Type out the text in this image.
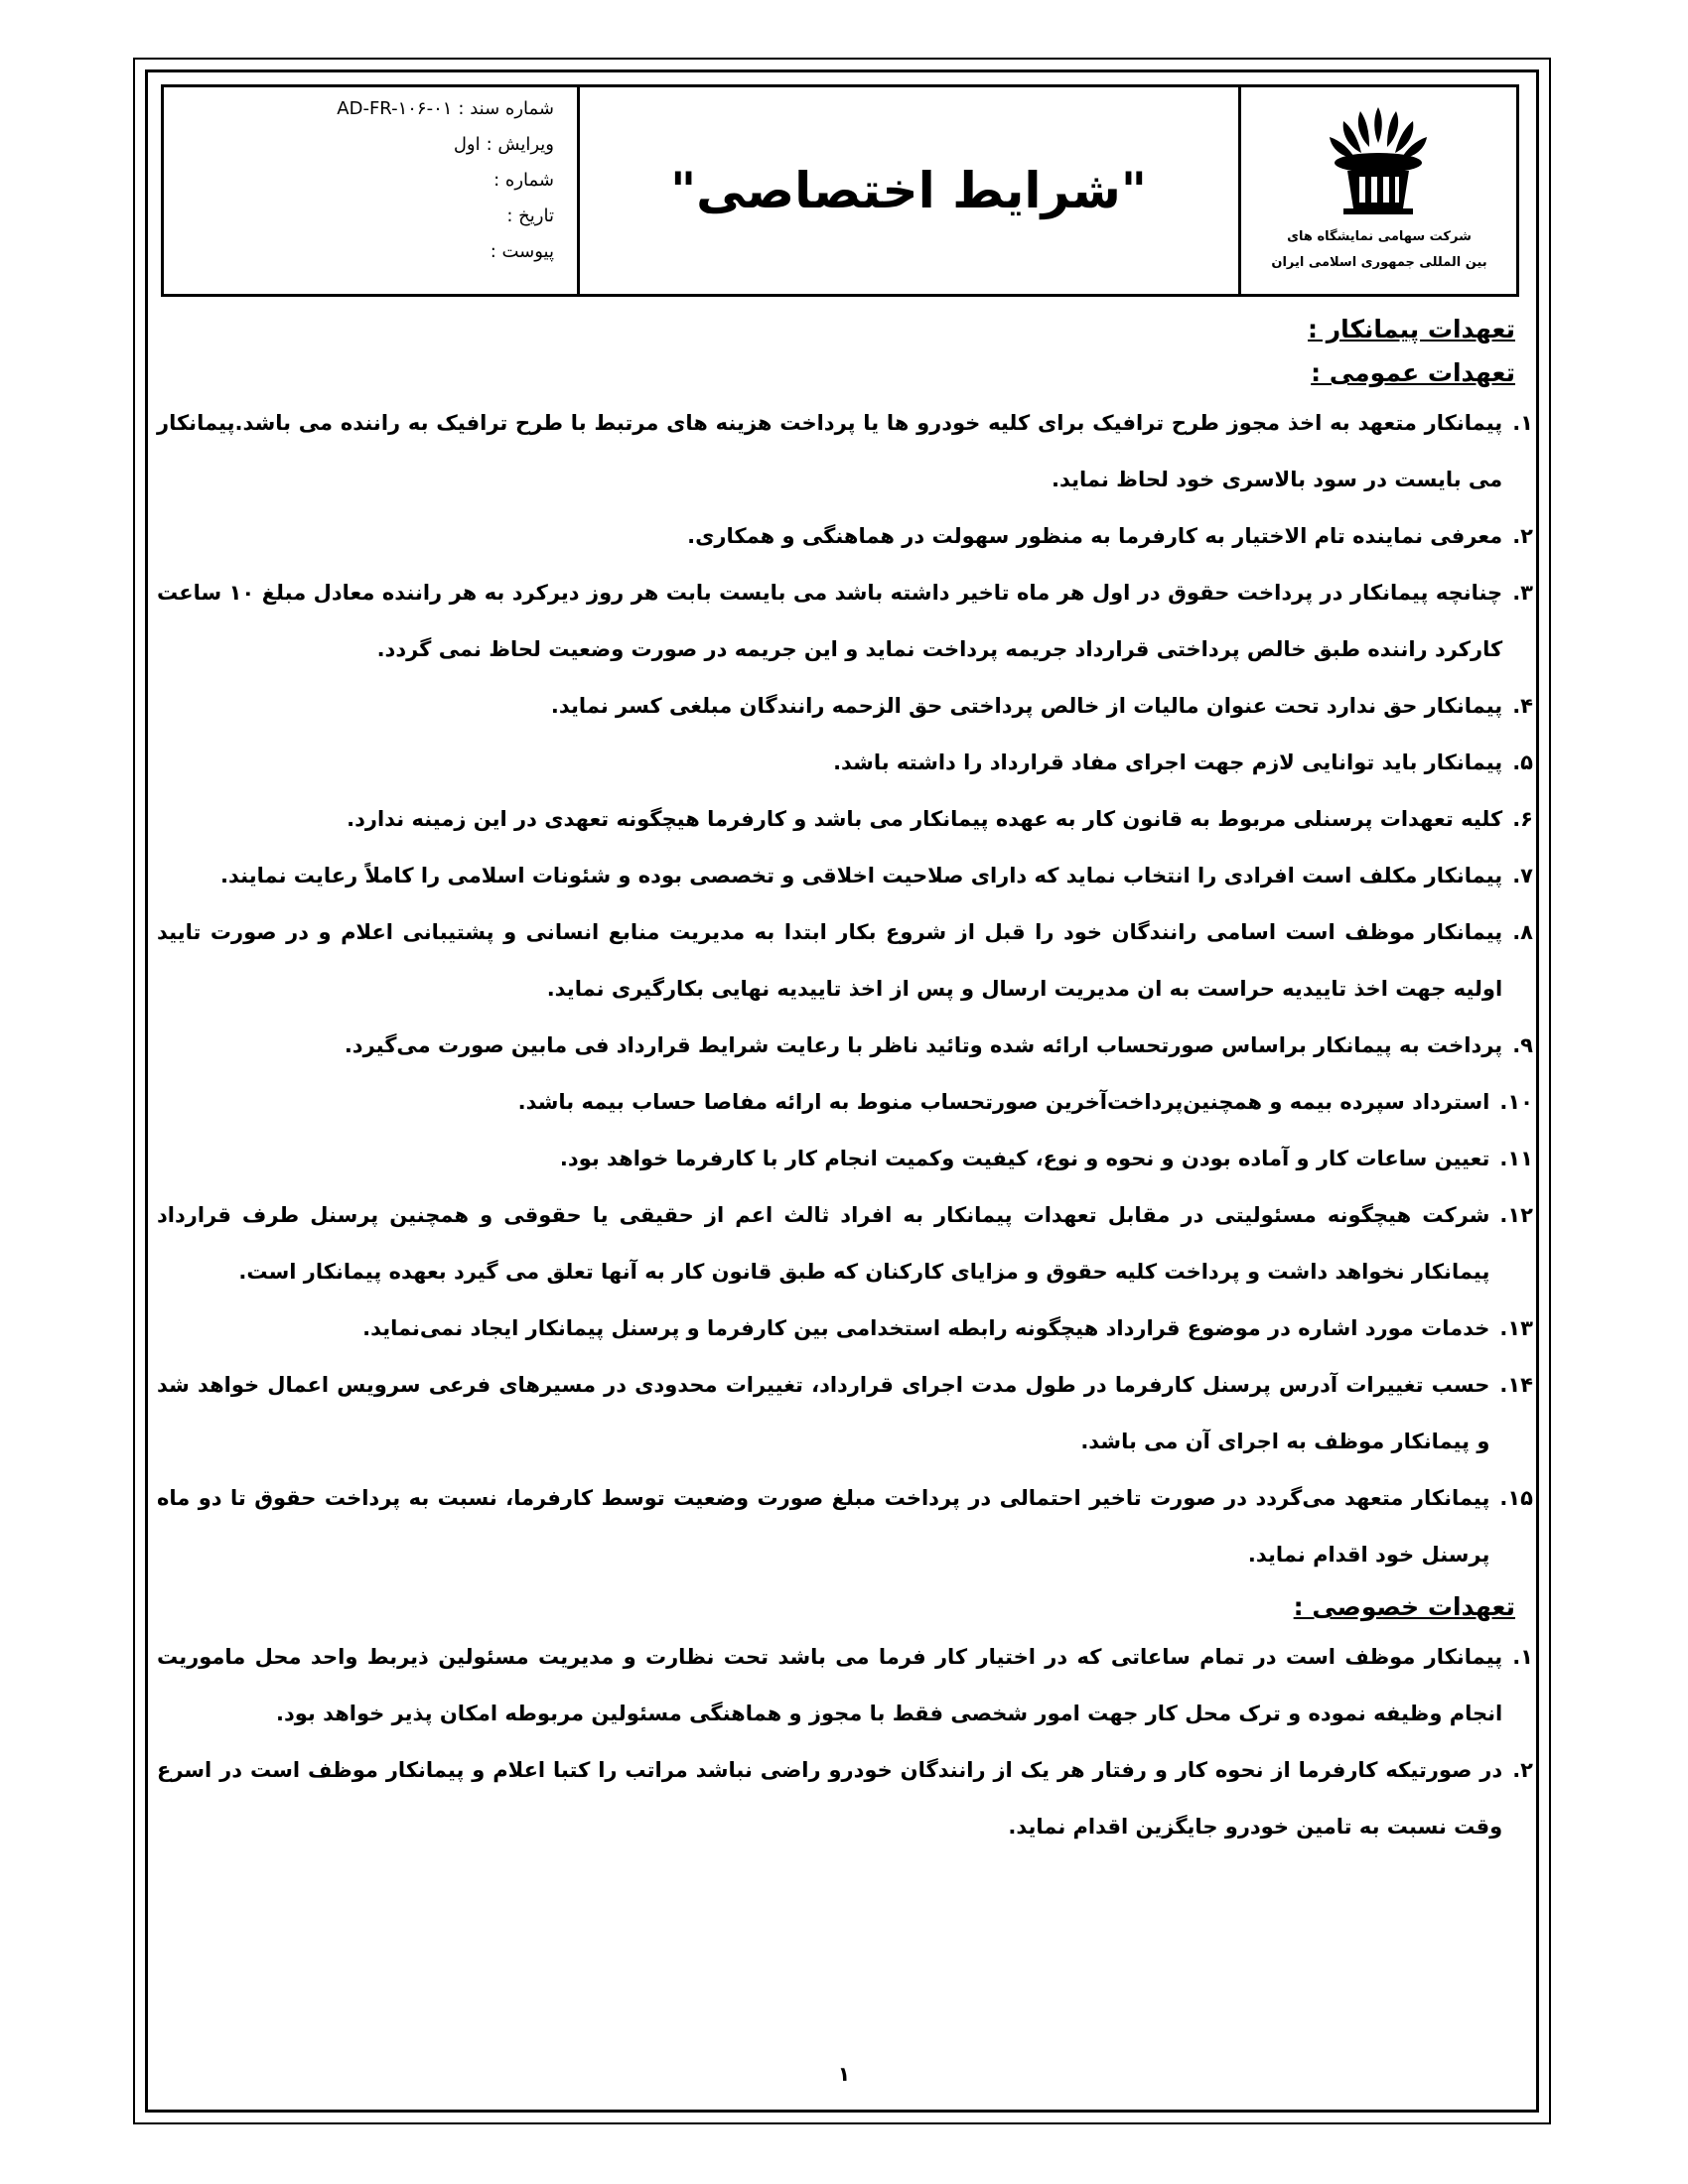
شماره سند :AD-FR-۱۰۶-۰۱
ویرایش :اول
شماره :
تاریخ :
پیوست :
"شرایط اختصاصی"
شرکت سهامی نمایشگاه های
بین المللی جمهوری اسلامی ایران
تعهدات پیمانکار :
تعهدات عمومی :
۱.
پیمانکار متعهد به اخذ مجوز طرح ترافیک برای کلیه خودرو ها یا پرداخت هزینه های مرتبط با طرح ترافیک به راننده می باشد.پیمانکار می بایست در سود بالاسری خود لحاظ نماید.
۲.
معرفی نماینده تام الاختیار به کارفرما به منظور سهولت در هماهنگی و همکاری.
۳.
چنانچه پیمانکار در پرداخت حقوق در اول هر ماه تاخیر داشته باشد می بایست بابت هر روز دیرکرد به هر راننده معادل مبلغ ۱۰ ساعت کارکرد راننده طبق خالص پرداختی قرارداد جریمه پرداخت نماید و این جریمه در صورت وضعیت لحاظ نمی گردد.
۴.
پیمانکار حق ندارد تحت عنوان مالیات از خالص پرداختی حق الزحمه رانندگان مبلغی کسر نماید.
۵.
پیمانکار باید توانایی لازم جهت اجرای مفاد قرارداد را داشته باشد.
۶.
کلیه تعهدات پرسنلی مربوط به قانون کار به عهده پیمانکار می باشد و کارفرما هیچگونه تعهدی در این زمینه ندارد.
۷.
پیمانکار مکلف است افرادی را انتخاب نماید که دارای صلاحیت اخلاقی و تخصصی بوده و شئونات اسلامی را کاملاً رعایت نمایند.
۸.
پیمانکار موظف است اسامی رانندگان خود را قبل از شروع بکار ابتدا به مدیریت منابع انسانی و پشتیبانی اعلام و در صورت تایید اولیه جهت اخذ تاییدیه حراست به ان مدیریت ارسال و پس از اخذ تاییدیه نهایی بکارگیری نماید.
۹.
پرداخت به پیمانکار براساس صورتحساب ارائه شده وتائید ناظر با رعایت شرایط قرارداد فی مابین صورت می‌گیرد.
۱۰.
استرداد سپرده بیمه و همچنین‌پرداخت‌آخرین صورتحساب منوط به ارائه مفاصا حساب بیمه باشد.
۱۱.
تعیین ساعات کار و آماده بودن و نحوه و نوع، کیفیت وکمیت انجام کار با کارفرما خواهد بود.
۱۲.
شرکت هیچگونه مسئولیتی در مقابل تعهدات پیمانکار به افراد ثالث اعم از حقیقی یا حقوقی و همچنین پرسنل طرف قرارداد پیمانکار نخواهد داشت و پرداخت کلیه حقوق و مزایای کارکنان که طبق قانون کار به آنها تعلق می گیرد بعهده پیمانکار است.
۱۳.
خدمات مورد اشاره در موضوع قرارداد هیچگونه رابطه استخدامی بین کارفرما و پرسنل پیمانکار ایجاد نمی‌نماید.
۱۴.
حسب تغییرات آدرس پرسنل کارفرما در طول مدت اجرای قرارداد، تغییرات محدودی در مسیرهای فرعی سرویس اعمال خواهد شد و پیمانکار موظف به اجرای آن می باشد.
۱۵.
پیمانکار متعهد می‌گردد در صورت تاخیر احتمالی در پرداخت مبلغ صورت وضعیت توسط کارفرما، نسبت به پرداخت حقوق تا دو ماه پرسنل خود اقدام نماید.
تعهدات خصوصی :
۱.
پیمانکار موظف است در تمام ساعاتی که در اختیار کار فرما می باشد تحت نظارت و مدیریت مسئولین ذیربط واحد محل ماموریت انجام وظیفه نموده و ترک محل کار جهت امور شخصی فقط با مجوز و هماهنگی مسئولین مربوطه امکان پذیر خواهد بود.
۲.
در صورتیکه کارفرما از نحوه کار و رفتار هر یک از رانندگان خودرو راضی نباشد مراتب را کتبا اعلام و پیمانکار موظف است در اسرع وقت نسبت به تامین خودرو جایگزین اقدام نماید.
۱
